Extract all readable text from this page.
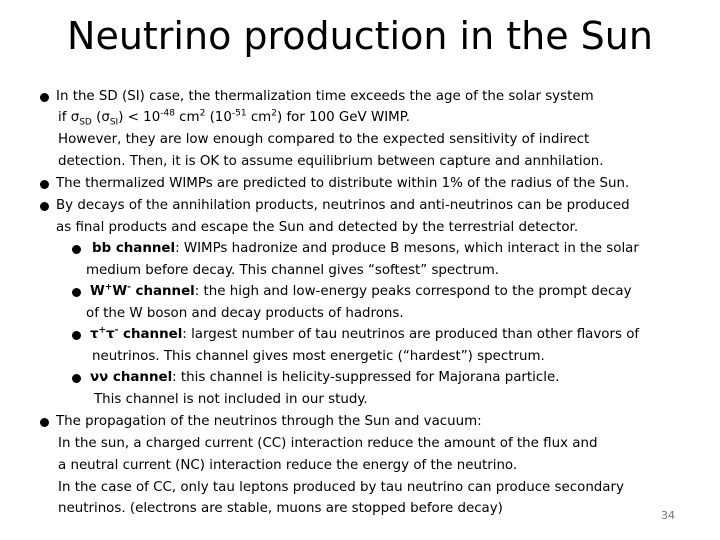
Neutrino production in the Sun
In the SD (SI) case, the thermalization time exceeds the age of the solar system
if $\sigma_{SD}$ $(\sigma_{SI}) < 10^{-48}$ $cm^2$ ($10^{-51}$ $cm^2$) for 100 GeV WIMP.
However, they are low enough compared to the expected sensitivity of indirect
detection. Then, it is OK to assume equilibrium between capture and annhilation.
The thermalized WIMPs are predicted to distribute within 1% of the radius of the Sun.
By decays of the annihilation products, neutrinos and anti-neutrinos can be produced
as final products and escape the Sun and detected by the terrestrial detector.
bb channel: WIMPs hadronize and produce B mesons, which interact in the solar
medium before decay. This channel gives “softest” spectrum.
W+W- channel: the high and low-energy peaks correspond to the prompt decay
of the W boson and decay products of hadrons.
τ+τ- channel: largest number of tau neutrinos are produced than other flavors of
neutrinos. This channel gives most energetic (“hardest”) spectrum.
νν channel: this channel is helicity-suppressed for Majorana particle.
This channel is not included in our study.
The propagation of the neutrinos through the Sun and vacuum:
In the sun, a charged current (CC) interaction reduce the amount of the flux and
a neutral current (NC) interaction reduce the energy of the neutrino.
In the case of CC, only tau leptons produced by tau neutrino can produce secondary
neutrinos. (electrons are stable, muons are stopped before decay)	34
